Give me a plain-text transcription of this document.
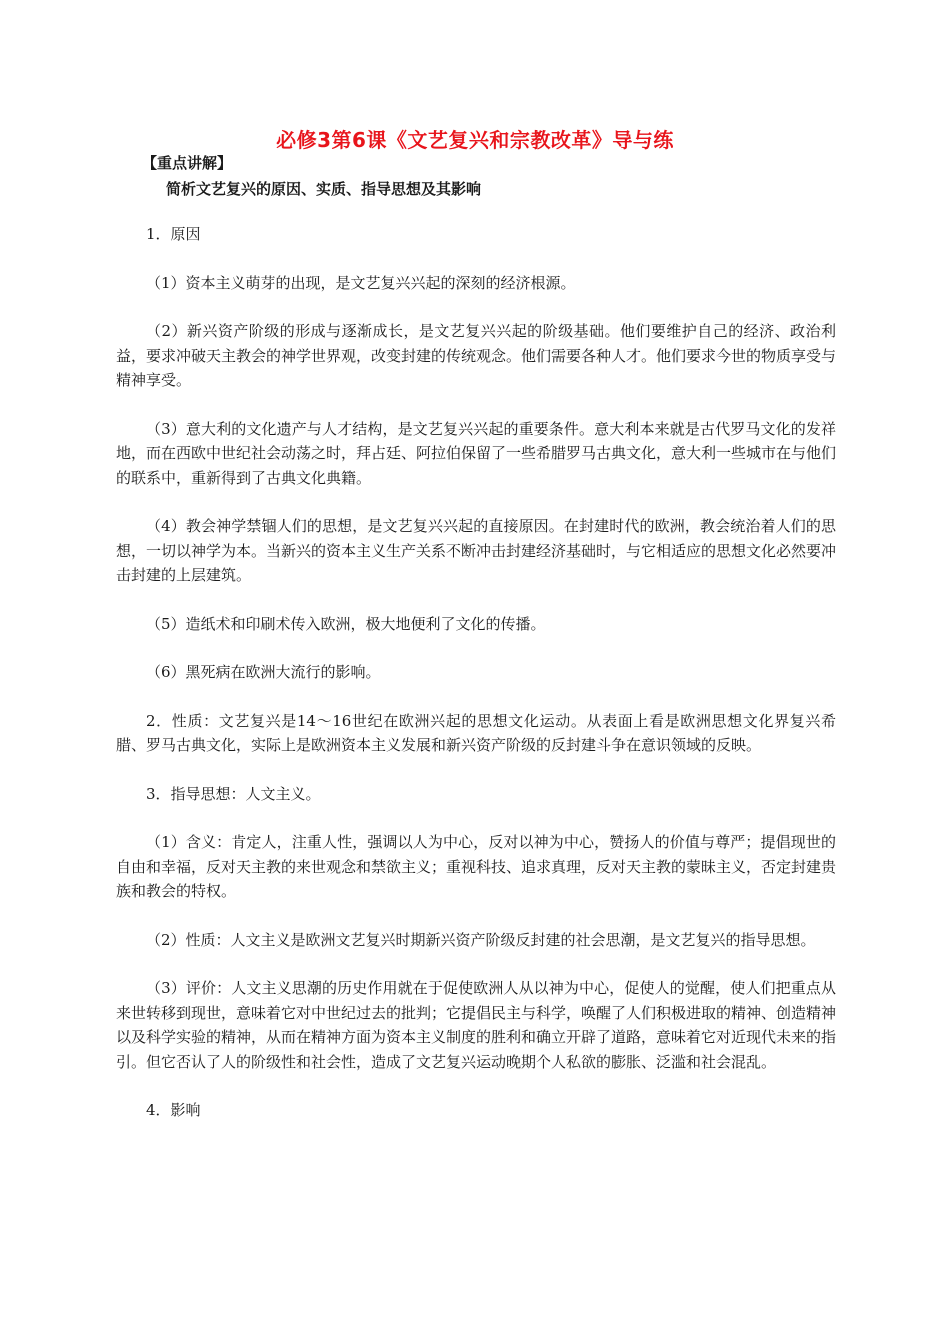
必修3第6课《文艺复兴和宗教改革》导与练
【重点讲解】
简析文艺复兴的原因、实质、指导思想及其影响

1．原因

（1）资本主义萌芽的出现，是文艺复兴兴起的深刻的经济根源。

（2）新兴资产阶级的形成与逐渐成长，是文艺复兴兴起的阶级基础。他们要维护自己的经济、政治利益，要求冲破天主教会的神学世界观，改变封建的传统观念。他们需要各种人才。他们要求今世的物质享受与精神享受。

（3）意大利的文化遗产与人才结构，是文艺复兴兴起的重要条件。意大利本来就是古代罗马文化的发祥地，而在西欧中世纪社会动荡之时，拜占廷、阿拉伯保留了一些希腊罗马古典文化，意大利一些城市在与他们的联系中，重新得到了古典文化典籍。

（4）教会神学禁锢人们的思想，是文艺复兴兴起的直接原因。在封建时代的欧洲，教会统治着人们的思想，一切以神学为本。当新兴的资本主义生产关系不断冲击封建经济基础时，与它相适应的思想文化必然要冲击封建的上层建筑。

（5）造纸术和印刷术传入欧洲，极大地便利了文化的传播。

（6）黑死病在欧洲大流行的影响。

2．性质：文艺复兴是14～16世纪在欧洲兴起的思想文化运动。从表面上看是欧洲思想文化界复兴希腊、罗马古典文化，实际上是欧洲资本主义发展和新兴资产阶级的反封建斗争在意识领域的反映。

3．指导思想：人文主义。

（1）含义：肯定人，注重人性，强调以人为中心，反对以神为中心，赞扬人的价值与尊严；提倡现世的自由和幸福，反对天主教的来世观念和禁欲主义；重视科技、追求真理，反对天主教的蒙昧主义，否定封建贵族和教会的特权。

（2）性质：人文主义是欧洲文艺复兴时期新兴资产阶级反封建的社会思潮，是文艺复兴的指导思想。

（3）评价：人文主义思潮的历史作用就在于促使欧洲人从以神为中心，促使人的觉醒，使人们把重点从来世转移到现世，意味着它对中世纪过去的批判；它提倡民主与科学，唤醒了人们积极进取的精神、创造精神以及科学实验的精神，从而在精神方面为资本主义制度的胜利和确立开辟了道路，意味着它对近现代未来的指引。但它否认了人的阶级性和社会性，造成了文艺复兴运动晚期个人私欲的膨胀、泛滥和社会混乱。

4．影响
